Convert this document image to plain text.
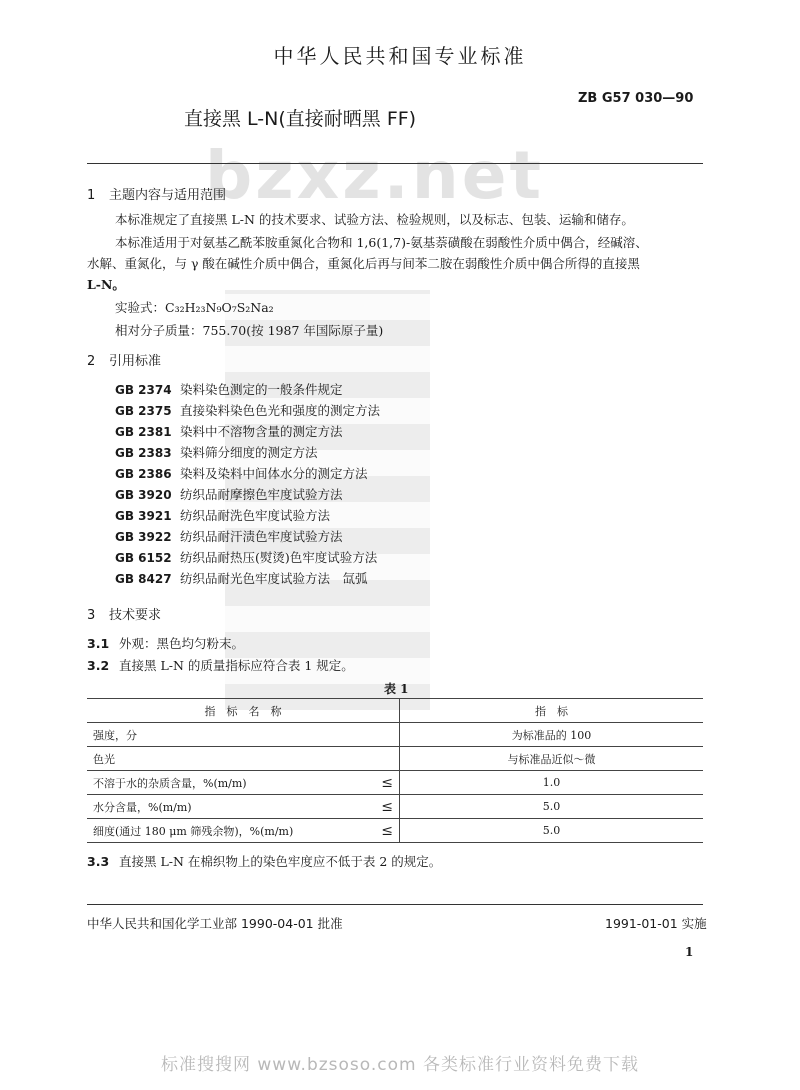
bzxz.net
中华人民共和国专业标准
直接黑 L-N(直接耐晒黑 FF)
ZB G57 030—90
1 主题内容与适用范围
本标准规定了直接黑 L-N 的技术要求、试验方法、检验规则，以及标志、包装、运输和储存。
本标准适用于对氨基乙酰苯胺重氮化合物和 1,6(1,7)-氨基萘磺酸在弱酸性介质中偶合，经碱溶、
水解、重氮化，与 γ 酸在碱性介质中偶合，重氮化后再与间苯二胺在弱酸性介质中偶合所得的直接黑
L-N。
实验式：C₃₂H₂₃N₉O₇S₂Na₂
相对分子质量：755.70(按 1987 年国际原子量)
2 引用标准
GB 2374 染料染色测定的一般条件规定
GB 2375 直接染料染色色光和强度的测定方法
GB 2381 染料中不溶物含量的测定方法
GB 2383 染料筛分细度的测定方法
GB 2386 染料及染料中间体水分的测定方法
GB 3920 纺织品耐摩擦色牢度试验方法
GB 3921 纺织品耐洗色牢度试验方法
GB 3922 纺织品耐汗渍色牢度试验方法
GB 6152 纺织品耐热压(熨烫)色牢度试验方法
GB 8427 纺织品耐光色牢度试验方法　氙弧
3 技术要求
3.1 外观：黑色均匀粉末。
3.2 直接黑 L-N 的质量指标应符合表 1 规定。
表 1
指　标　名　称	指　标
强度，分	为标准品的 100
色光	与标准品近似～微
不溶于水的杂质含量，%(m/m) ≤	1.0
水分含量，%(m/m) ≤	5.0
细度(通过 180 μm 筛残余物)，%(m/m) ≤	5.0
3.3 直接黑 L-N 在棉织物上的染色牢度应不低于表 2 的规定。
中华人民共和国化学工业部 1990-04-01 批准	1991-01-01 实施
1
标准搜搜网 www.bzsoso.com 各类标准行业资料免费下载
